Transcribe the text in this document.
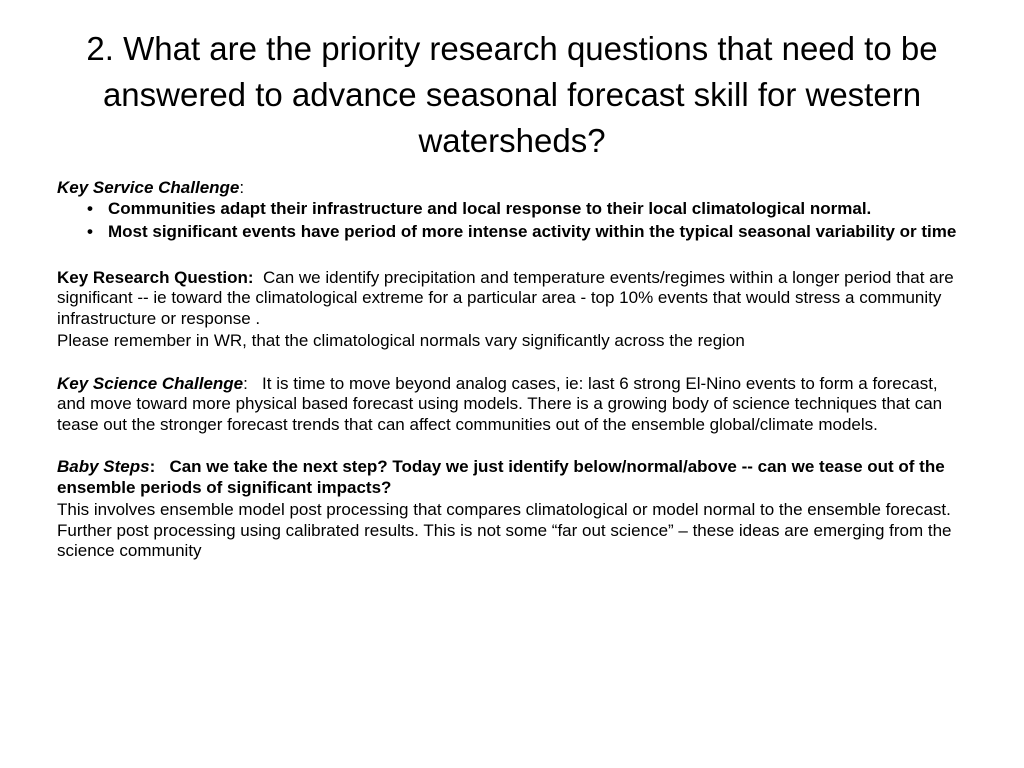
2. What are the priority research questions that need to be answered to advance seasonal forecast skill for western watersheds?

Key Service Challenge:

• Communities adapt their infrastructure and local response to their local climatological normal.
• Most significant events have period of more intense activity within the typical seasonal variability or time

Key Research Question: Can we identify precipitation and temperature events/regimes within a longer period that are significant -- ie toward the climatological extreme for a particular area - top 10% events that would stress a community infrastructure or response .

Please remember in WR, that the climatological normals vary significantly across the region

Key Science Challenge: It is time to move beyond analog cases, ie: last 6 strong El-Nino events to form a forecast, and move toward more physical based forecast using models. There is a growing body of science techniques that can tease out the stronger forecast trends that can affect communities out of the ensemble global/climate models.

Baby Steps: Can we take the next step? Today we just identify below/normal/above -- can we tease out of the ensemble periods of significant impacts?

This involves ensemble model post processing that compares climatological or model normal to the ensemble forecast. Further post processing using calibrated results. This is not some “far out science” – these ideas are emerging from the science community
